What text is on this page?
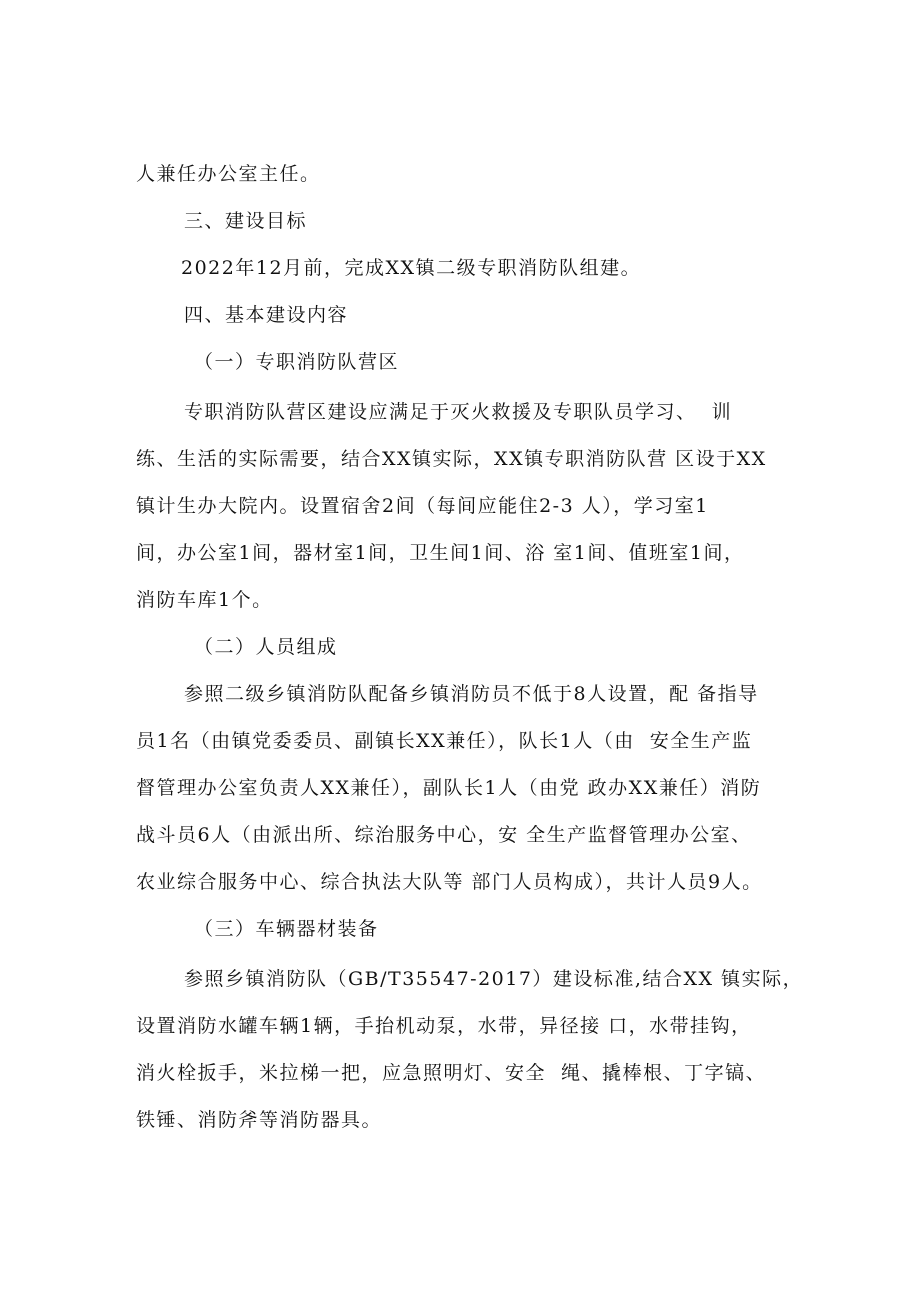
人兼任办公室主任。

三、建设目标

2022年12月前，完成XX镇二级专职消防队组建。

四、基本建设内容

（一）专职消防队营区

专职消防队营区建设应满足于灭火救援及专职队员学习、  训

练、生活的实际需要，结合XX镇实际，XX镇专职消防队营 区设于XX

镇计生办大院内。设置宿舍2间（每间应能住2-3 人），学习室1

间，办公室1间，器材室1间，卫生间1间、浴 室1间、值班室1间，

消防车库1个。

（二）人员组成

参照二级乡镇消防队配备乡镇消防员不低于8人设置，配 备指导

员1名（由镇党委委员、副镇长XX兼任），队长1人（由  安全生产监

督管理办公室负责人XX兼任），副队长1人（由党 政办XX兼任）消防

战斗员6人（由派出所、综治服务中心，安 全生产监督管理办公室、

农业综合服务中心、综合执法大队等 部门人员构成），共计人员9人。

（三）车辆器材装备

参照乡镇消防队（GB/T35547-2017）建设标准,结合XX 镇实际，

设置消防水罐车辆1辆，手抬机动泵，水带，异径接 口，水带挂钩，

消火栓扳手，米拉梯一把，应急照明灯、安全  绳、撬棒根、丁字镐、

铁锤、消防斧等消防器具。
